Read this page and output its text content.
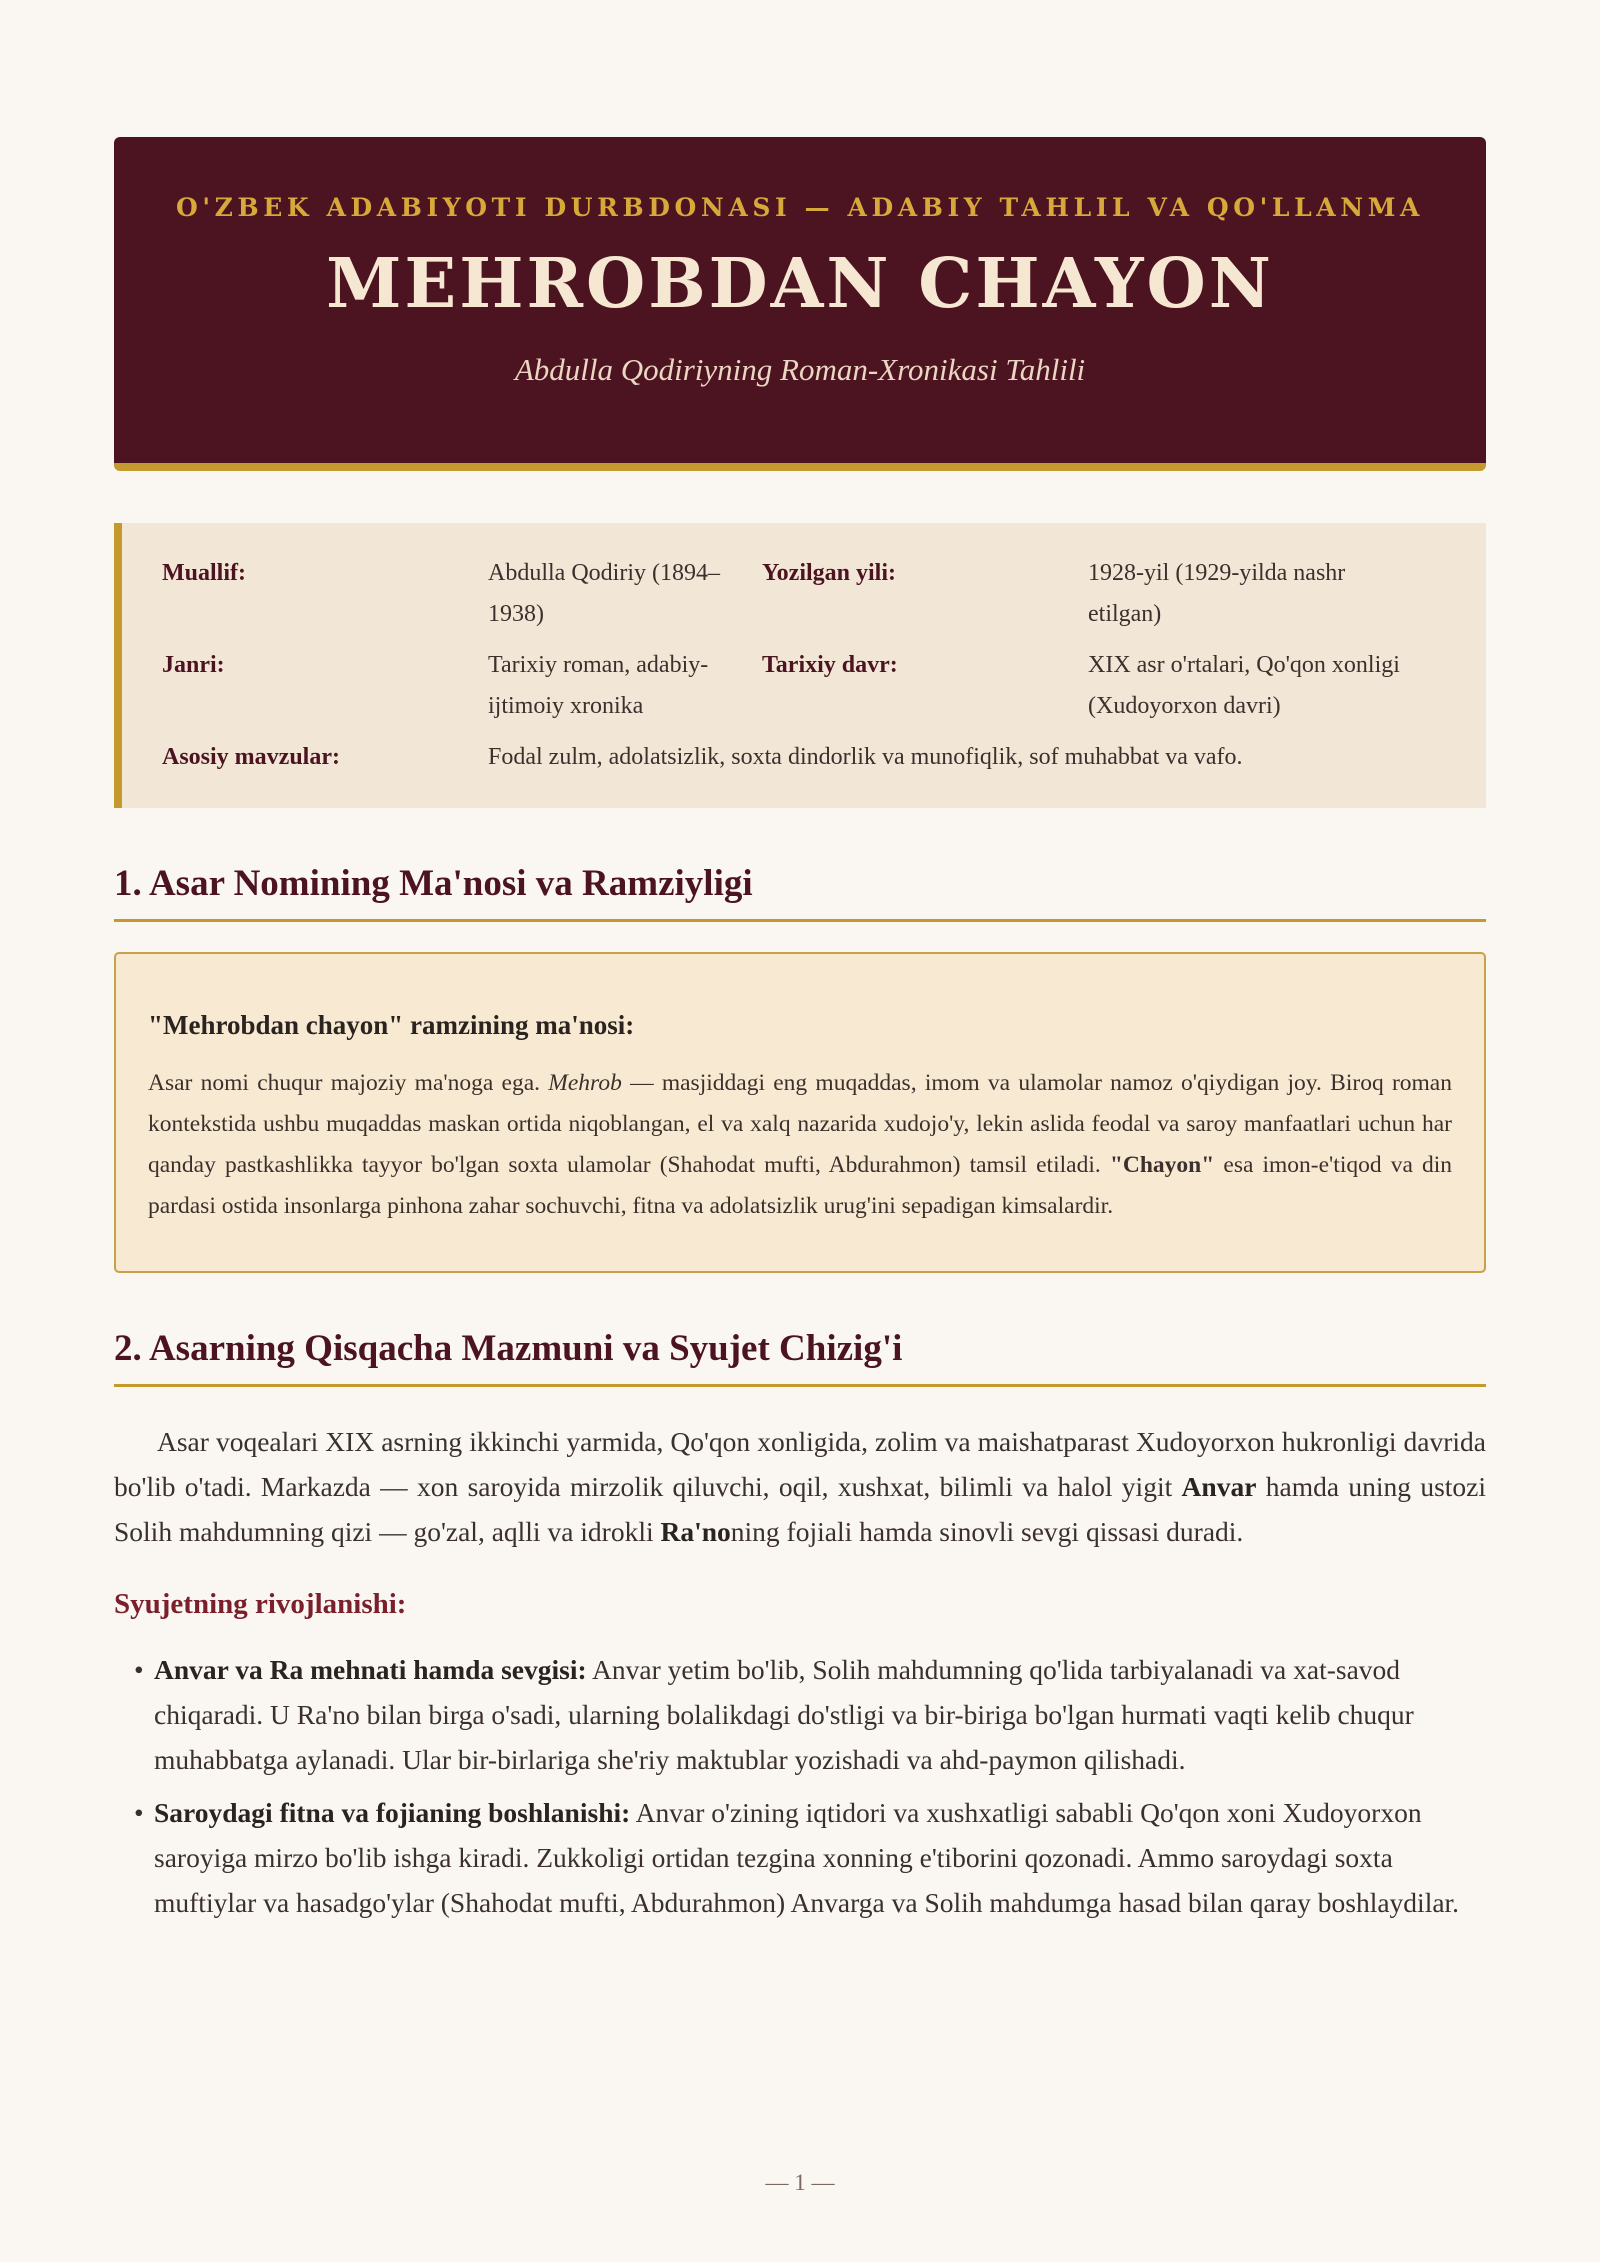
O'ZBEK ADABIYOTI DURBDONASI — ADABIY TAHLIL VA QO'LLANMA
MEHROBDAN CHAYON
Abdulla Qodiriyning Roman-Xronikasi Tahlili
Muallif:	Abdulla Qodiriy (1894–1938)	Yozilgan yili:	1928-yil (1929-yilda nashr etilgan)
Janri:	Tarixiy roman, adabiy-ijtimoiy xronika	Tarixiy davr:	XIX asr o'rtalari, Qo'qon xonligi (Xudoyorxon davri)
Asosiy mavzular:	Fodal zulm, adolatsizlik, soxta dindorlik va munofiqlik, sof muhabbat va vafo.		
1. Asar Nomining Ma'nosi va Ramziyligi
"Mehrobdan chayon" ramzining ma'nosi:

Asar nomi chuqur majoziy ma'noga ega. Mehrob — masjiddagi eng muqaddas, imom va ulamolar namoz o'qiydigan joy. Biroq roman kontekstida ushbu muqaddas maskan ortida niqoblangan, el va xalq nazarida xudojo'y, lekin aslida feodal va saroy manfaatlari uchun har qanday pastkashlikka tayyor bo'lgan soxta ulamolar (Shahodat mufti, Abdurahmon) tamsil etiladi. "Chayon" esa imon-e'tiqod va din pardasi ostida insonlarga pinhona zahar sochuvchi, fitna va adolatsizlik urug'ini sepadigan kimsalardir.

2. Asarning Qisqacha Mazmuni va Syujet Chizig'i

Asar voqealari XIX asrning ikkinchi yarmida, Qo'qon xonligida, zolim va maishatparast Xudoyorxon hukronligi davrida bo'lib o'tadi. Markazda — xon saroyida mirzolik qiluvchi, oqil, xushxat, bilimli va halol yigit Anvar hamda uning ustozi Solih mahdumning qizi — go'zal, aqlli va idrokli Ra'noning fojiali hamda sinovli sevgi qissasi duradi.

Syujetning rivojlanishi:
• Anvar va Ra mehnati hamda sevgisi: Anvar yetim bo'lib, Solih mahdumning qo'lida tarbiyalanadi va xat-savod chiqaradi. U Ra'no bilan birga o'sadi, ularning bolalikdagi do'stligi va bir-biriga bo'lgan hurmati vaqti kelib chuqur muhabbatga aylanadi. Ular bir-birlariga she'riy maktublar yozishadi va ahd-paymon qilishadi.
• Saroydagi fitna va fojianing boshlanishi: Anvar o'zining iqtidori va xushxatligi sababli Qo'qon xoni Xudoyorxon saroyiga mirzo bo'lib ishga kiradi. Zukkoligi ortidan tezgina xonning e'tiborini qozonadi. Ammo saroydagi soxta muftiylar va hasadgo'ylar (Shahodat mufti, Abdurahmon) Anvarga va Solih mahdumga hasad bilan qaray boshlaydilar.
— 1 —
